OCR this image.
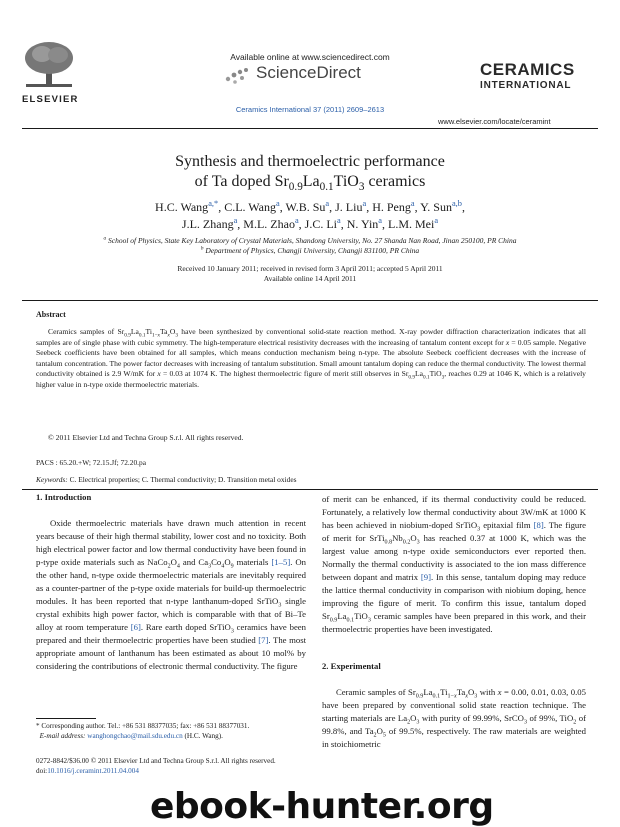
ELSEVIER
Available online at www.sciencedirect.com
ScienceDirect
Ceramics International 37 (2011) 2609–2613
CERAMICS
INTERNATIONAL
www.elsevier.com/locate/ceramint
Synthesis and thermoelectric performance
of Ta doped $Sr_{0.9}La_{0.1}TiO_3$ ceramics
H.C. Wang$^{a,*}$, C.L. Wang$^a$, W.B. Su$^a$, J. Liu$^a$, H. Peng$^a$, Y. Sun$^{a,b}$,
J.L. Zhang$^a$, M.L. Zhao$^a$, J.C. Li$^a$, N. Yin$^a$, L.M. Mei$^a$
$^a$ School of Physics, State Key Laboratory of Crystal Materials, Shandong University, No. 27 Shanda Nan Road, Jinan 250100, PR China
$^b$ Department of Physics, Changji University, Changji 831100, PR China
Received 10 January 2011; received in revised form 3 April 2011; accepted 5 April 2011
Available online 14 April 2011
Abstract
Ceramics samples of $Sr_{0.9}La_{0.1}Ti_{1-x}Ta_xO_3$ have been synthesized by conventional solid-state reaction method. X-ray powder diffraction characterization indicates that all samples are of single phase with cubic symmetry. The high-temperature electrical resistivity decreases with the increasing of tantalum content except for x = 0.05 sample. Negative Seebeck coefficients have been obtained for all samples, which means conduction mechanism being n-type. The absolute Seebeck coefficient decreases with the increase of tantalum concentration. The power factor decreases with increasing of tantalum substitution. Small amount tantalum doping can reduce the thermal conductivity. The lowest thermal conductivity obtained is 2.9 W/mK for x = 0.03 at 1074 K. The highest thermoelectric figure of merit still observes in $Sr_{0.9}La_{0.1}TiO_3$, reaches 0.29 at 1046 K, which is a relatively higher value in n-type oxide thermoelectric materials.
© 2011 Elsevier Ltd and Techna Group S.r.l. All rights reserved.
PACS : 65.20.+W; 72.15.Jf; 72.20.pa
Keywords: C. Electrical properties; C. Thermal conductivity; D. Transition metal oxides
1. Introduction

Oxide thermoelectric materials have drawn much attention in recent years because of their high thermal stability, lower cost and no toxicity. Both high electrical power factor and low thermal conductivity have been found in p-type oxide materials such as $NaCo_2O_4$ and $Ca_3Co_4O_9$ materials [1–5]. On the other hand, n-type oxide thermoelectric materials are inevitably required as a counter-partner of the p-type oxide materials for build-up thermoelectric modules. It has been reported that n-type lanthanum-doped SrTiO$_3$ single crystal exhibits high power factor, which is comparable with that of Bi–Te alloy at room temperature [6]. Rare earth doped SrTiO$_3$ ceramics have been prepared and their thermoelectric properties have been studied [7]. The most appropriate amount of lanthanum has been estimated as about 10 mol% by considering the contributions of electronic thermal conductivity. The figure

* Corresponding author. Tel.: +86 531 88377035; fax: +86 531 88377031.
E-mail address: wanghongchao@mail.sdu.edu.cn (H.C. Wang).
0272-8842/$36.00 © 2011 Elsevier Ltd and Techna Group S.r.l. All rights reserved.
doi:10.1016/j.ceramint.2011.04.004

of merit can be enhanced, if its thermal conductivity could be reduced. Fortunately, a relatively low thermal conductivity about 3W/mK at 1000 K has been achieved in niobium-doped SrTiO$_3$ epitaxial film [8]. The figure of merit for $SrTi_{0.8}Nb_{0.2}O_3$ has reached 0.37 at 1000 K, which was the largest value among n-type oxide semiconductors ever reported then. Normally the thermal conductivity is associated to the ion mass difference between dopant and matrix [9]. In this sense, tantalum doping may reduce the lattice thermal conductivity in comparison with niobium doping, hence improving the figure of merit. To confirm this issue, tantalum doped $Sr_{0.9}La_{0.1}TiO_3$ ceramic samples have been prepared in this work, and their thermoelectric properties have been investigated.

2. Experimental

Ceramic samples of $Sr_{0.9}La_{0.1}Ti_{1-x}Ta_xO_3$ with x = 0.00, 0.01, 0.03, 0.05 have been prepared by conventional solid state reaction technique. The starting materials are $La_2O_3$ with purity of 99.99%, SrCO$_3$ of 99%, TiO$_2$ of 99.8%, and $Ta_2O_5$ of 99.5%, respectively. The raw materials are weighted in stoichiometric

ebook-hunter.org
